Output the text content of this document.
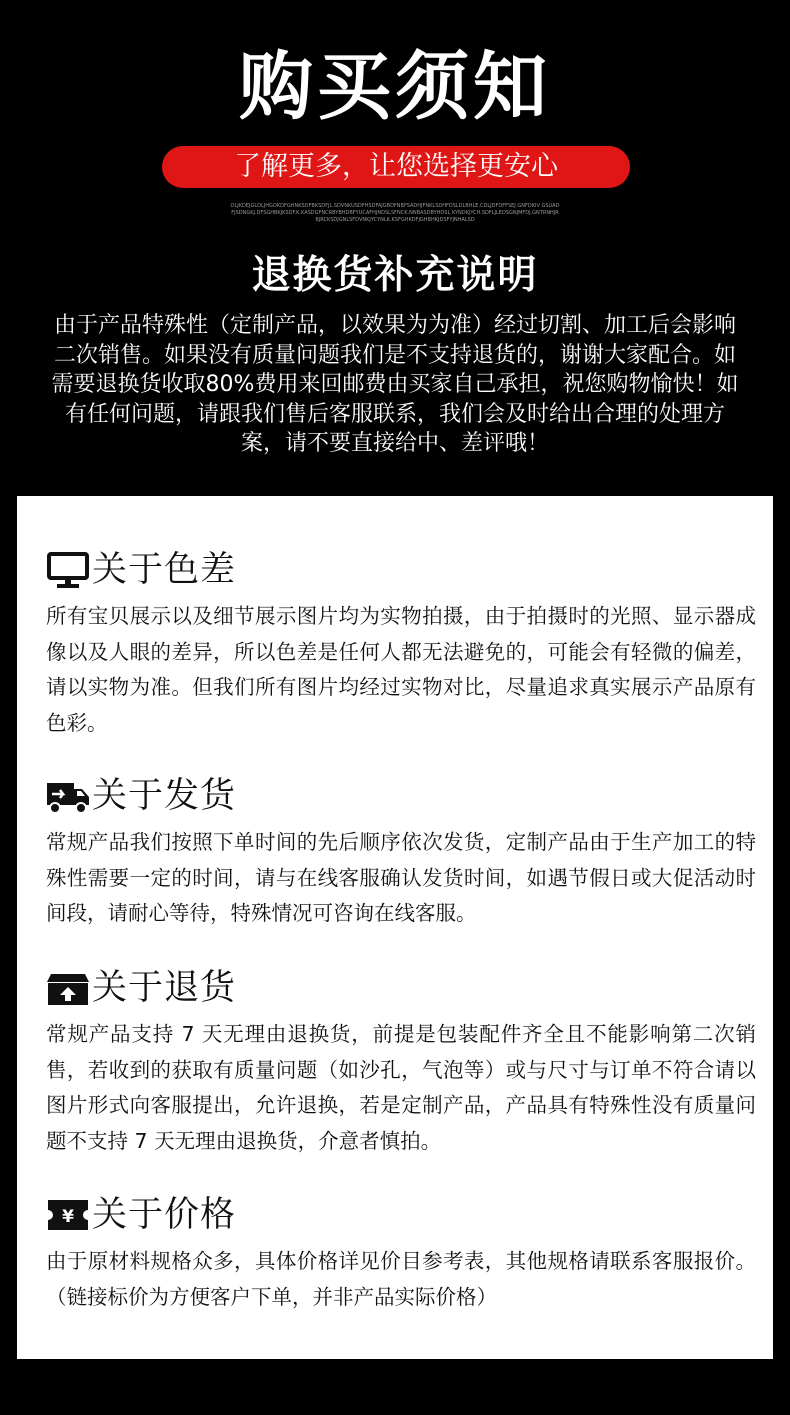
购买须知
了解更多，让您选择更安心
OLJKDEJGLDLJHGOKDFGHNKSDFBKSDFJL.SDVNKUSDFHSDFAJGBDFNBFSADHJFNKLSDHFDSLDLBHLE.CDLJDFOFFSEJ.GNFDKIV GSUADFJSDNGKJ.DFSGHBKJKSDF.K.KASDGFNCRBYBHDBFYUCAFHJNDSLSFNCK.NNBASDBYHDSL KYNDKJYCH.SDFLJLEDSGNJMFDJ.GNTRNHJRBJRCKSDJGNLSFDVNKJYCYNLK.KSFGHKDFJGHBHKJDSFYJNHALSD
退换货补充说明
由于产品特殊性（定制产品，以效果为为准）经过切割、加工后会影响二次销售。如果没有质量问题我们是不支持退货的，谢谢大家配合。如需要退换货收取80%费用来回邮费由买家自己承担，祝您购物愉快！如有任何问题，请跟我们售后客服联系，我们会及时给出合理的处理方案，请不要直接给中、差评哦！
关于色差
所有宝贝展示以及细节展示图片均为实物拍摄，由于拍摄时的光照、显示器成像以及人眼的差异，所以色差是任何人都无法避免的，可能会有轻微的偏差，请以实物为准。但我们所有图片均经过实物对比，尽量追求真实展示产品原有色彩。
关于发货
常规产品我们按照下单时间的先后顺序依次发货，定制产品由于生产加工的特殊性需要一定的时间，请与在线客服确认发货时间，如遇节假日或大促活动时间段，请耐心等待，特殊情况可咨询在线客服。
关于退货
常规产品支持 7 天无理由退换货，前提是包装配件齐全且不能影响第二次销售，若收到的获取有质量问题（如沙孔，气泡等）或与尺寸与订单不符合请以图片形式向客服提出，允许退换，若是定制产品，产品具有特殊性没有质量问题不支持 7 天无理由退换货，介意者慎拍。
¥ 关于价格
由于原材料规格众多，具体价格详见价目参考表，其他规格请联系客服报价。（链接标价为方便客户下单，并非产品实际价格）
